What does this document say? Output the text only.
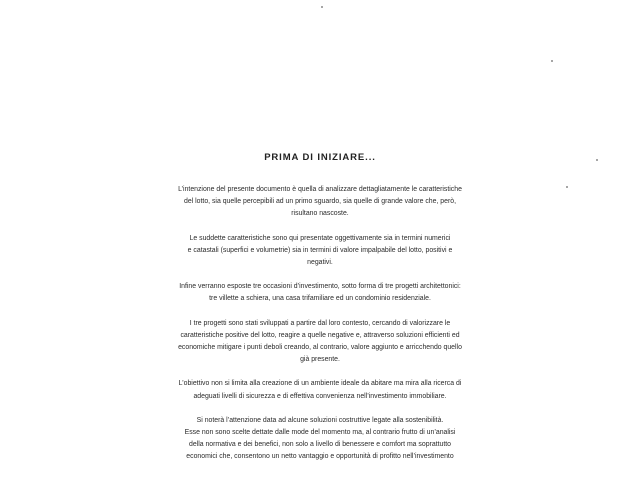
PRIMA DI INIZIARE...

L’intenzione del presente documento è quella di analizzare dettagliatamente le caratteristiche
del lotto, sia quelle percepibili ad un primo sguardo, sia quelle di grande valore che, però,
risultano nascoste.

Le suddette caratteristiche sono qui presentate oggettivamente sia in termini numerici
e catastali (superfici e volumetrie) sia in termini di valore impalpabile del lotto, positivi e
negativi.

Infine verranno esposte tre occasioni d’investimento, sotto forma di tre progetti architettonici:
tre villette a schiera, una casa trifamiliare ed un condominio residenziale.

I tre progetti sono stati sviluppati a partire dal loro contesto, cercando di valorizzare le
caratteristiche positive del lotto, reagire a quelle negative e, attraverso soluzioni efficienti ed
economiche mitigare i punti deboli creando, al contrario, valore aggiunto e arricchendo quello
già presente.

L’obiettivo non si limita alla creazione di un ambiente ideale da abitare ma mira alla ricerca di
adeguati livelli di sicurezza e di effettiva convenienza nell’investimento immobiliare.

Si noterà l’attenzione data ad alcune soluzioni costruttive legate alla sostenibilità.
Esse non sono scelte dettate dalle mode del momento ma, al contrario frutto di un’analisi
della normativa e dei benefici, non solo a livello di benessere e comfort ma soprattutto
economici che, consentono un netto vantaggio e opportunità di profitto nell’investimento
